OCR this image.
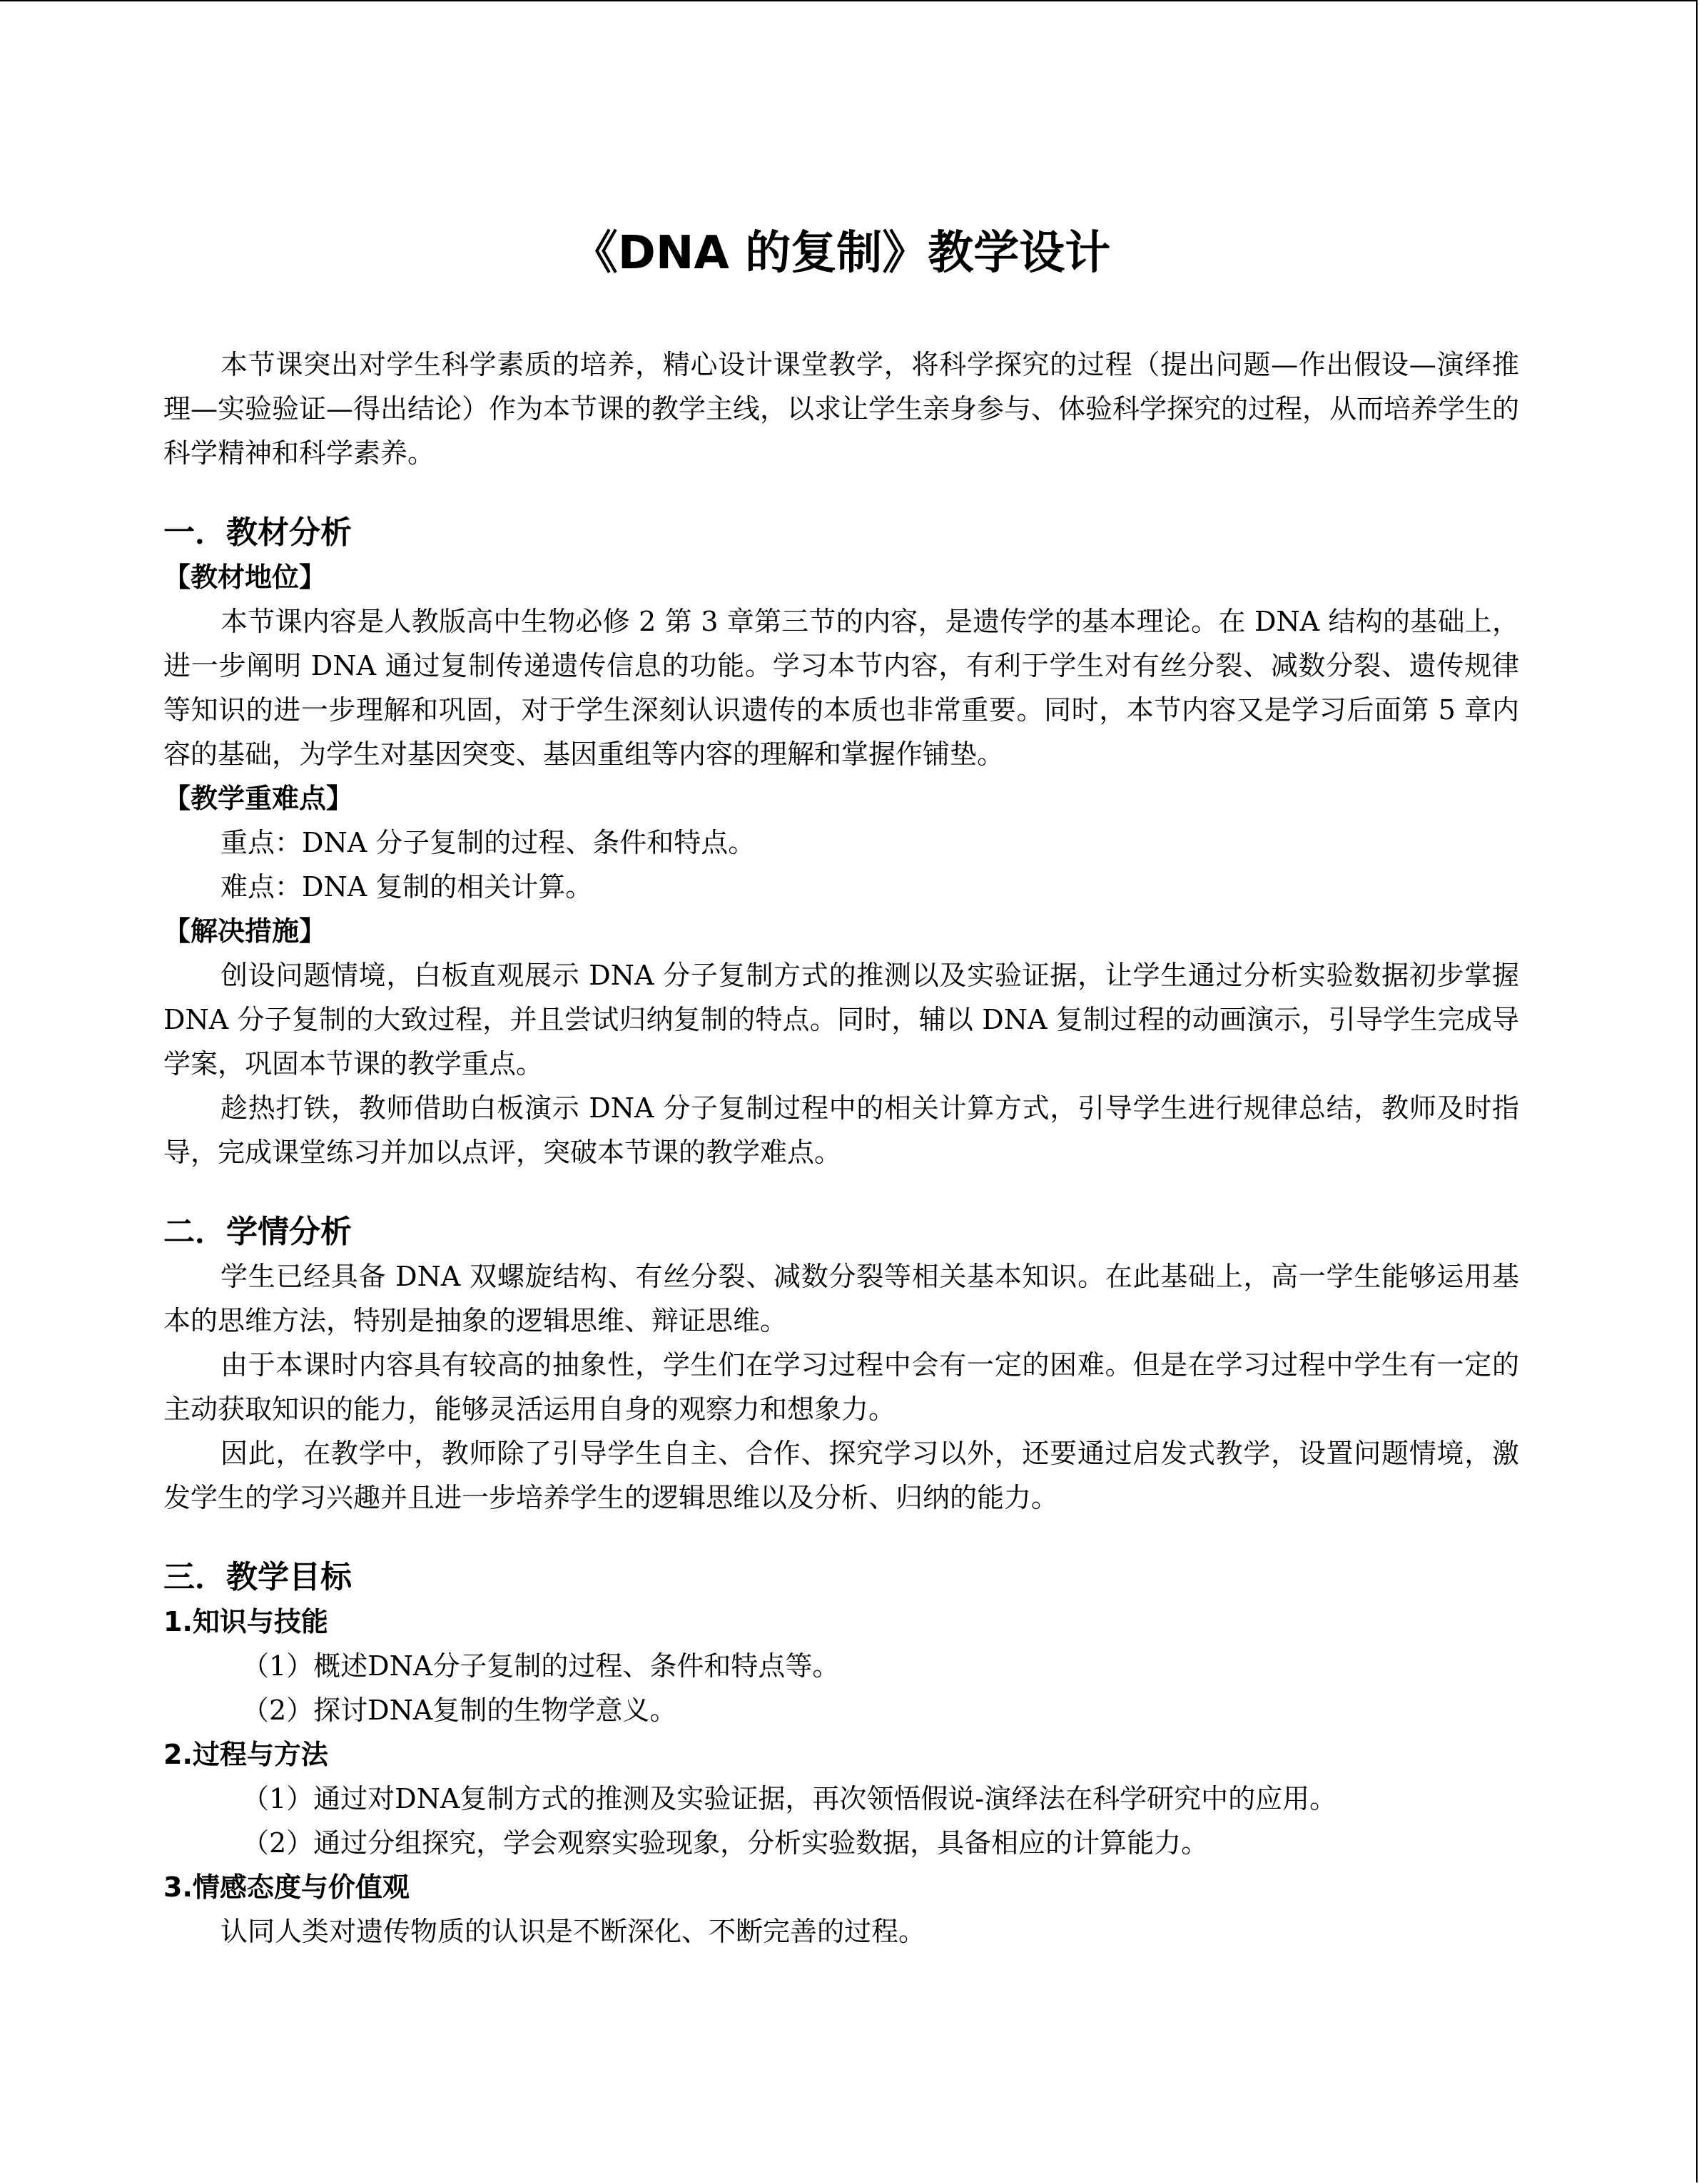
《DNA 的复制》教学设计

本节课突出对学生科学素质的培养，精心设计课堂教学，将科学探究的过程（提出问题—作出假设—演绎推理—实验验证—得出结论）作为本节课的教学主线，以求让学生亲身参与、体验科学探究的过程，从而培养学生的科学精神和科学素养。

一．教材分析
【教材地位】

本节课内容是人教版高中生物必修 2 第 3 章第三节的内容，是遗传学的基本理论。在 DNA 结构的基础上，进一步阐明 DNA 通过复制传递遗传信息的功能。学习本节内容，有利于学生对有丝分裂、减数分裂、遗传规律等知识的进一步理解和巩固，对于学生深刻认识遗传的本质也非常重要。同时，本节内容又是学习后面第 5 章内容的基础，为学生对基因突变、基因重组等内容的理解和掌握作铺垫。

【教学重难点】

重点：DNA 分子复制的过程、条件和特点。

难点：DNA 复制的相关计算。

【解决措施】

创设问题情境，白板直观展示 DNA 分子复制方式的推测以及实验证据，让学生通过分析实验数据初步掌握 DNA 分子复制的大致过程，并且尝试归纳复制的特点。同时，辅以 DNA 复制过程的动画演示，引导学生完成导学案，巩固本节课的教学重点。

趁热打铁，教师借助白板演示 DNA 分子复制过程中的相关计算方式，引导学生进行规律总结，教师及时指导，完成课堂练习并加以点评，突破本节课的教学难点。

二．学情分析

学生已经具备 DNA 双螺旋结构、有丝分裂、减数分裂等相关基本知识。在此基础上，高一学生能够运用基本的思维方法，特别是抽象的逻辑思维、辩证思维。

由于本课时内容具有较高的抽象性，学生们在学习过程中会有一定的困难。但是在学习过程中学生有一定的主动获取知识的能力，能够灵活运用自身的观察力和想象力。

因此，在教学中，教师除了引导学生自主、合作、探究学习以外，还要通过启发式教学，设置问题情境，激发学生的学习兴趣并且进一步培养学生的逻辑思维以及分析、归纳的能力。

三．教学目标
1.知识与技能

（1）概述DNA分子复制的过程、条件和特点等。

（2）探讨DNA复制的生物学意义。

2.过程与方法

（1）通过对DNA复制方式的推测及实验证据，再次领悟假说-演绎法在科学研究中的应用。

（2）通过分组探究，学会观察实验现象，分析实验数据，具备相应的计算能力。

3.情感态度与价值观

认同人类对遗传物质的认识是不断深化、不断完善的过程。
